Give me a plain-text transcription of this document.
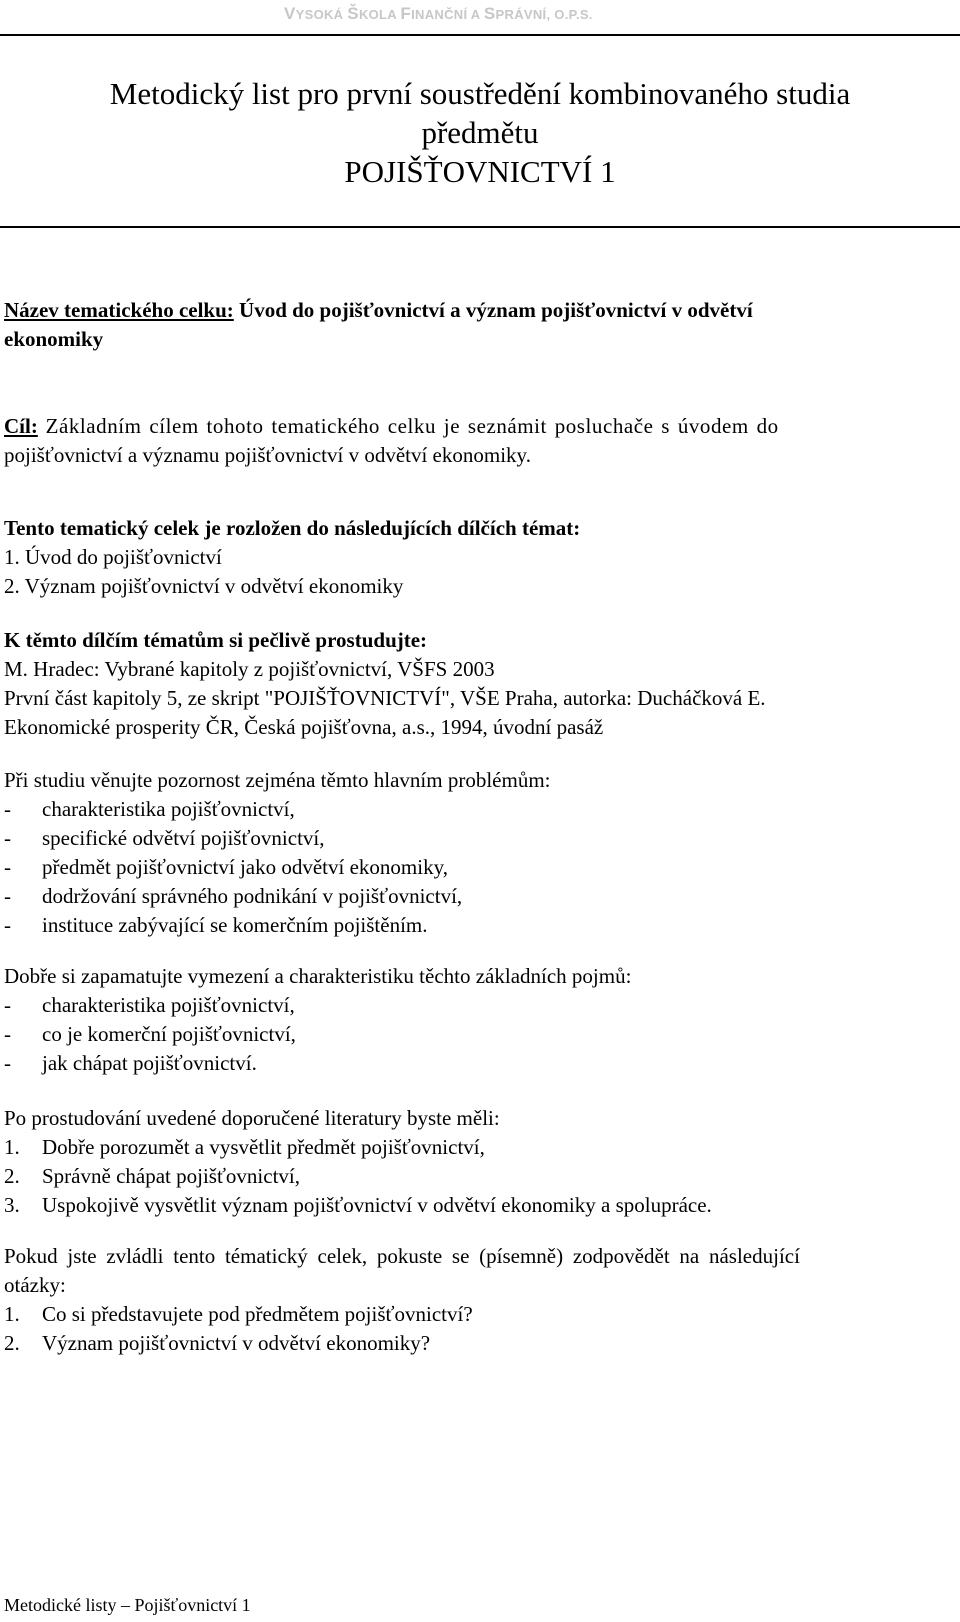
VYSOKÁ ŠKOLA FINANČNÍ A SPRÁVNÍ, O.P.S.
Metodický list pro první soustředění kombinovaného studia
předmětu
POJIŠŤOVNICTVÍ 1
Název tematického celku: Úvod do pojišťovnictví a význam pojišťovnictví v odvětví
ekonomiky
Cíl: Základním cílem tohoto tematického celku je seznámit posluchače s úvodem do
pojišťovnictví a významu pojišťovnictví v odvětví ekonomiky.
Tento tematický celek je rozložen do následujících dílčích témat:
1. Úvod do pojišťovnictví
2. Význam pojišťovnictví v odvětví ekonomiky
K těmto dílčím tématům si pečlivě prostudujte:
M. Hradec: Vybrané kapitoly z pojišťovnictví, VŠFS 2003
První část kapitoly 5, ze skript "POJIŠŤOVNICTVÍ", VŠE Praha, autorka: Ducháčková E.
Ekonomické prosperity ČR, Česká pojišťovna, a.s., 1994, úvodní pasáž
Při studiu věnujte pozornost zejména těmto hlavním problémům:
-	charakteristika pojišťovnictví,
-	specifické odvětví pojišťovnictví,
-	předmět pojišťovnictví jako odvětví ekonomiky,
-	dodržování správného podnikání v pojišťovnictví,
-	instituce zabývající se komerčním pojištěním.
Dobře si zapamatujte vymezení a charakteristiku těchto základních pojmů:
-	charakteristika pojišťovnictví,
-	co je komerční pojišťovnictví,
-	jak chápat pojišťovnictví.
Po prostudování uvedené doporučené literatury byste měli:
1.	Dobře porozumět a vysvětlit předmět pojišťovnictví,
2.	Správně chápat pojišťovnictví,
3.	Uspokojivě vysvětlit význam pojišťovnictví v odvětví ekonomiky a spolupráce.
Pokud jste zvládli tento tématický celek, pokuste se (písemně) zodpovědět na následující
otázky:
1.	Co si představujete pod předmětem pojišťovnictví?
2.	Význam pojišťovnictví v odvětví ekonomiky?
Metodické listy – Pojišťovnictví 1
